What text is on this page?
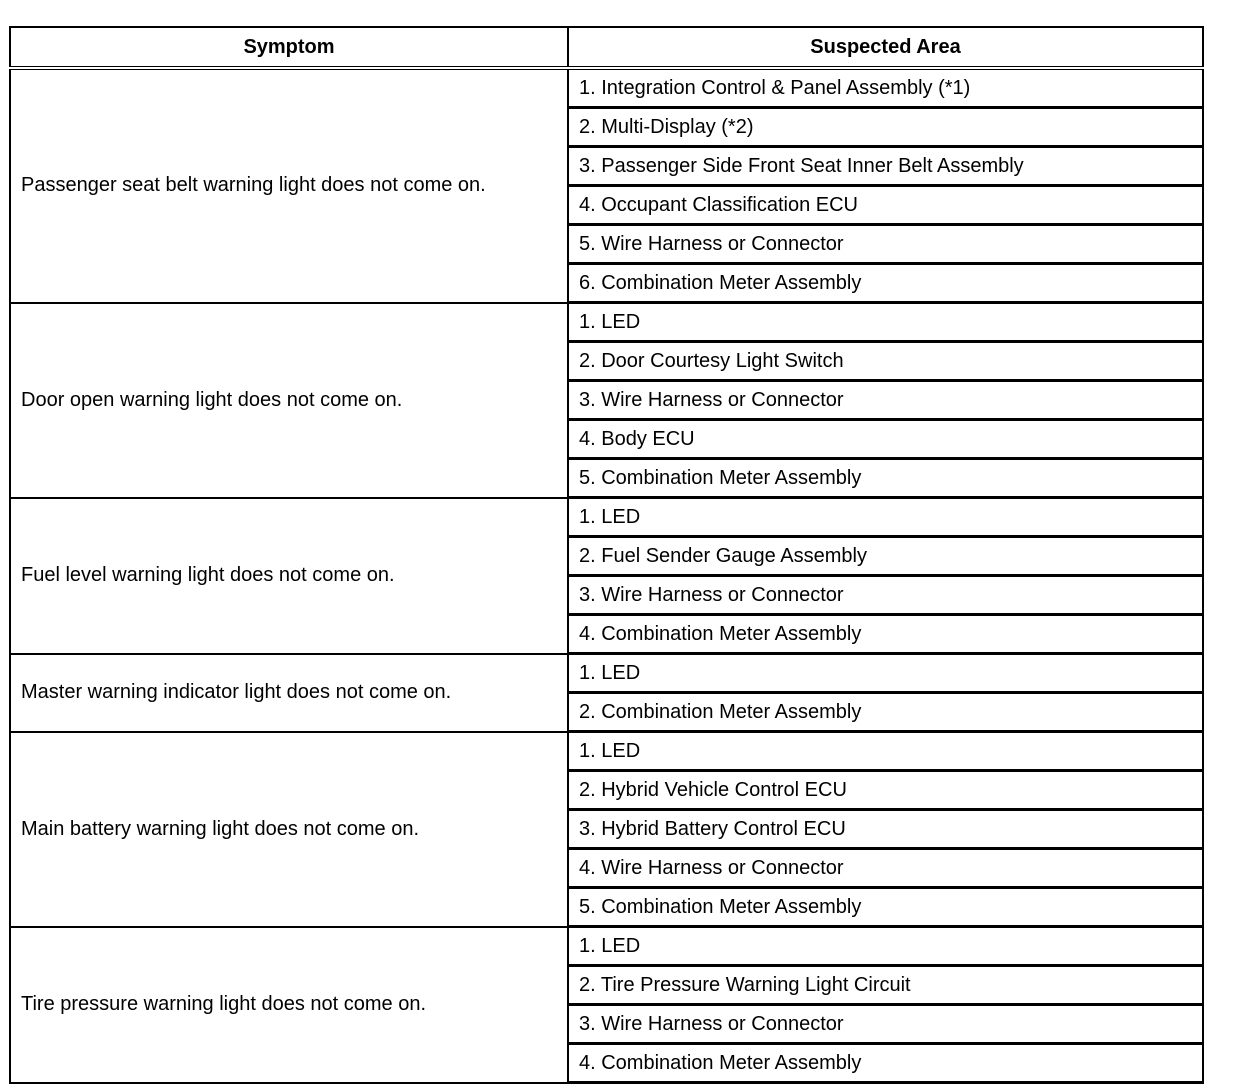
Symptom	Suspected Area
Passenger seat belt warning light does not come on.	1. Integration Control & Panel Assembly (*1)
	2. Multi-Display (*2)
	3. Passenger Side Front Seat Inner Belt Assembly
	4. Occupant Classification ECU
	5. Wire Harness or Connector
	6. Combination Meter Assembly
Door open warning light does not come on.	1. LED
	2. Door Courtesy Light Switch
	3. Wire Harness or Connector
	4. Body ECU
	5. Combination Meter Assembly
Fuel level warning light does not come on.	1. LED
	2. Fuel Sender Gauge Assembly
	3. Wire Harness or Connector
	4. Combination Meter Assembly
Master warning indicator light does not come on.	1. LED
	2. Combination Meter Assembly
Main battery warning light does not come on.	1. LED
	2. Hybrid Vehicle Control ECU
	3. Hybrid Battery Control ECU
	4. Wire Harness or Connector
	5. Combination Meter Assembly
Tire pressure warning light does not come on.	1. LED
	2. Tire Pressure Warning Light Circuit
	3. Wire Harness or Connector
	4. Combination Meter Assembly
